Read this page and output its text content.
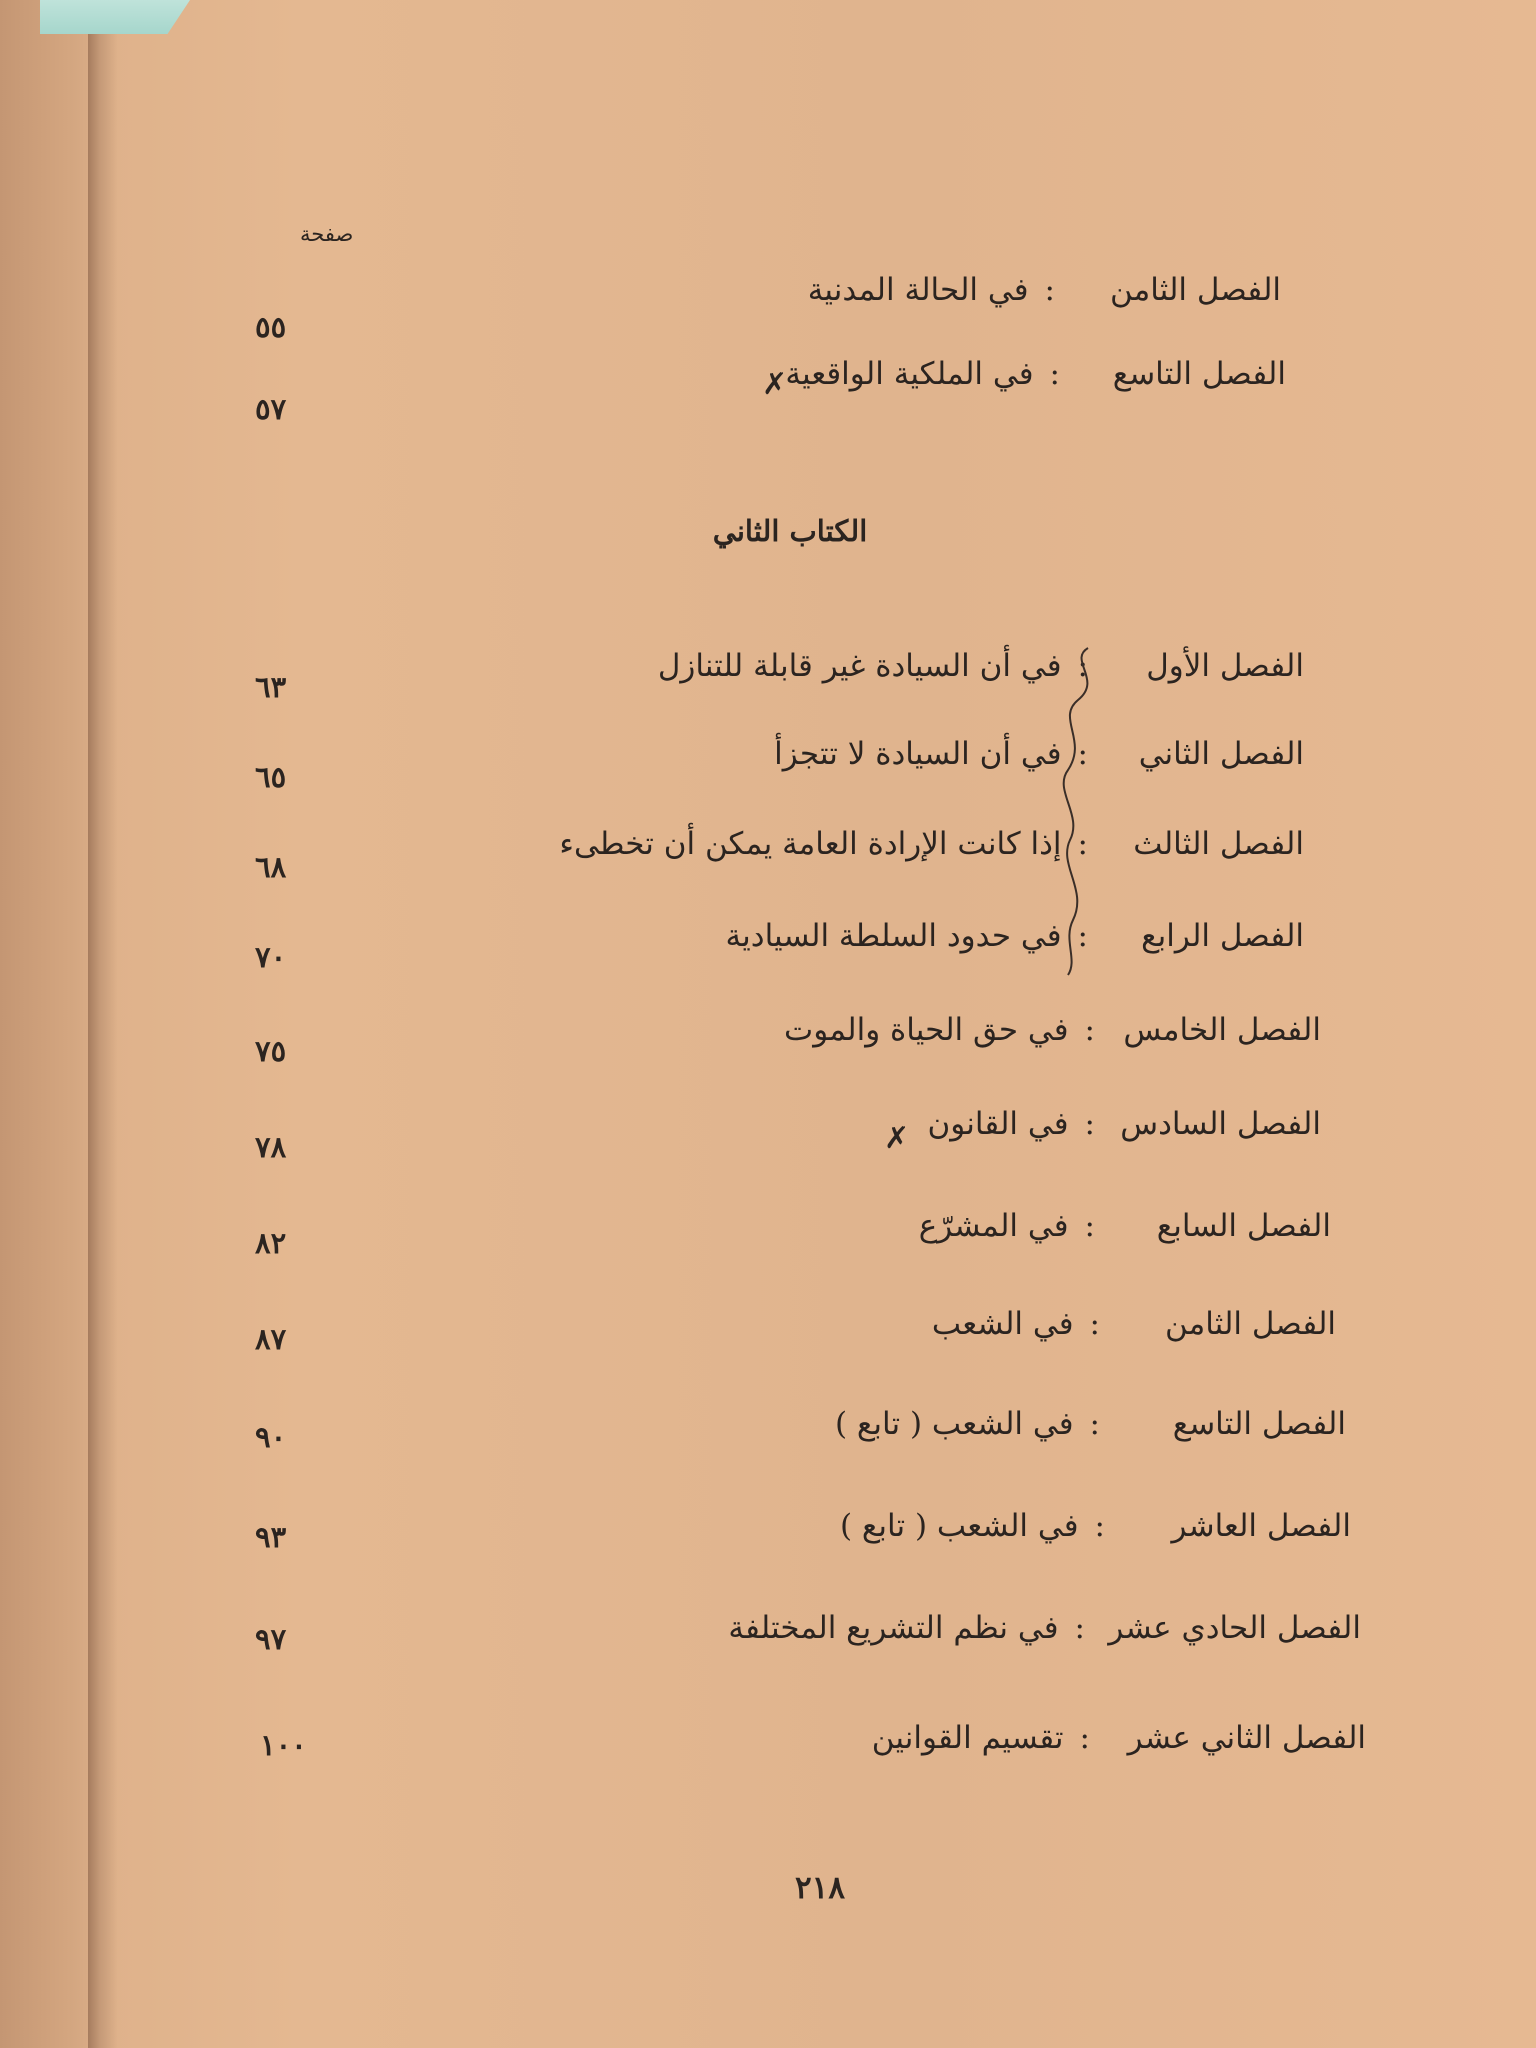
صفحة
الفصل الثامن:في الحالة المدنية
٥٥
الفصل التاسع:في الملكية الواقعية
٥٧
✗
الكتاب الثاني
الفصل الأول:في أن السيادة غير قابلة للتنازل
٦٣
الفصل الثاني:في أن السيادة لا تتجزأ
٦٥
الفصل الثالث:إذا كانت الإرادة العامة يمكن أن تخطىء
٦٨
الفصل الرابع:في حدود السلطة السيادية
٧٠
الفصل الخامس:في حق الحياة والموت
٧٥
الفصل السادس:في القانون
٧٨	✗
الفصل السابع:في المشرّع
٨٢
الفصل الثامن:في الشعب
٨٧
الفصل التاسع:في الشعب ( تابع )
٩٠
الفصل العاشر:في الشعب ( تابع )
٩٣
الفصل الحادي عشر:في نظم التشريع المختلفة
٩٧
الفصل الثاني عشر:تقسيم القوانين
١٠٠
٢١٨
